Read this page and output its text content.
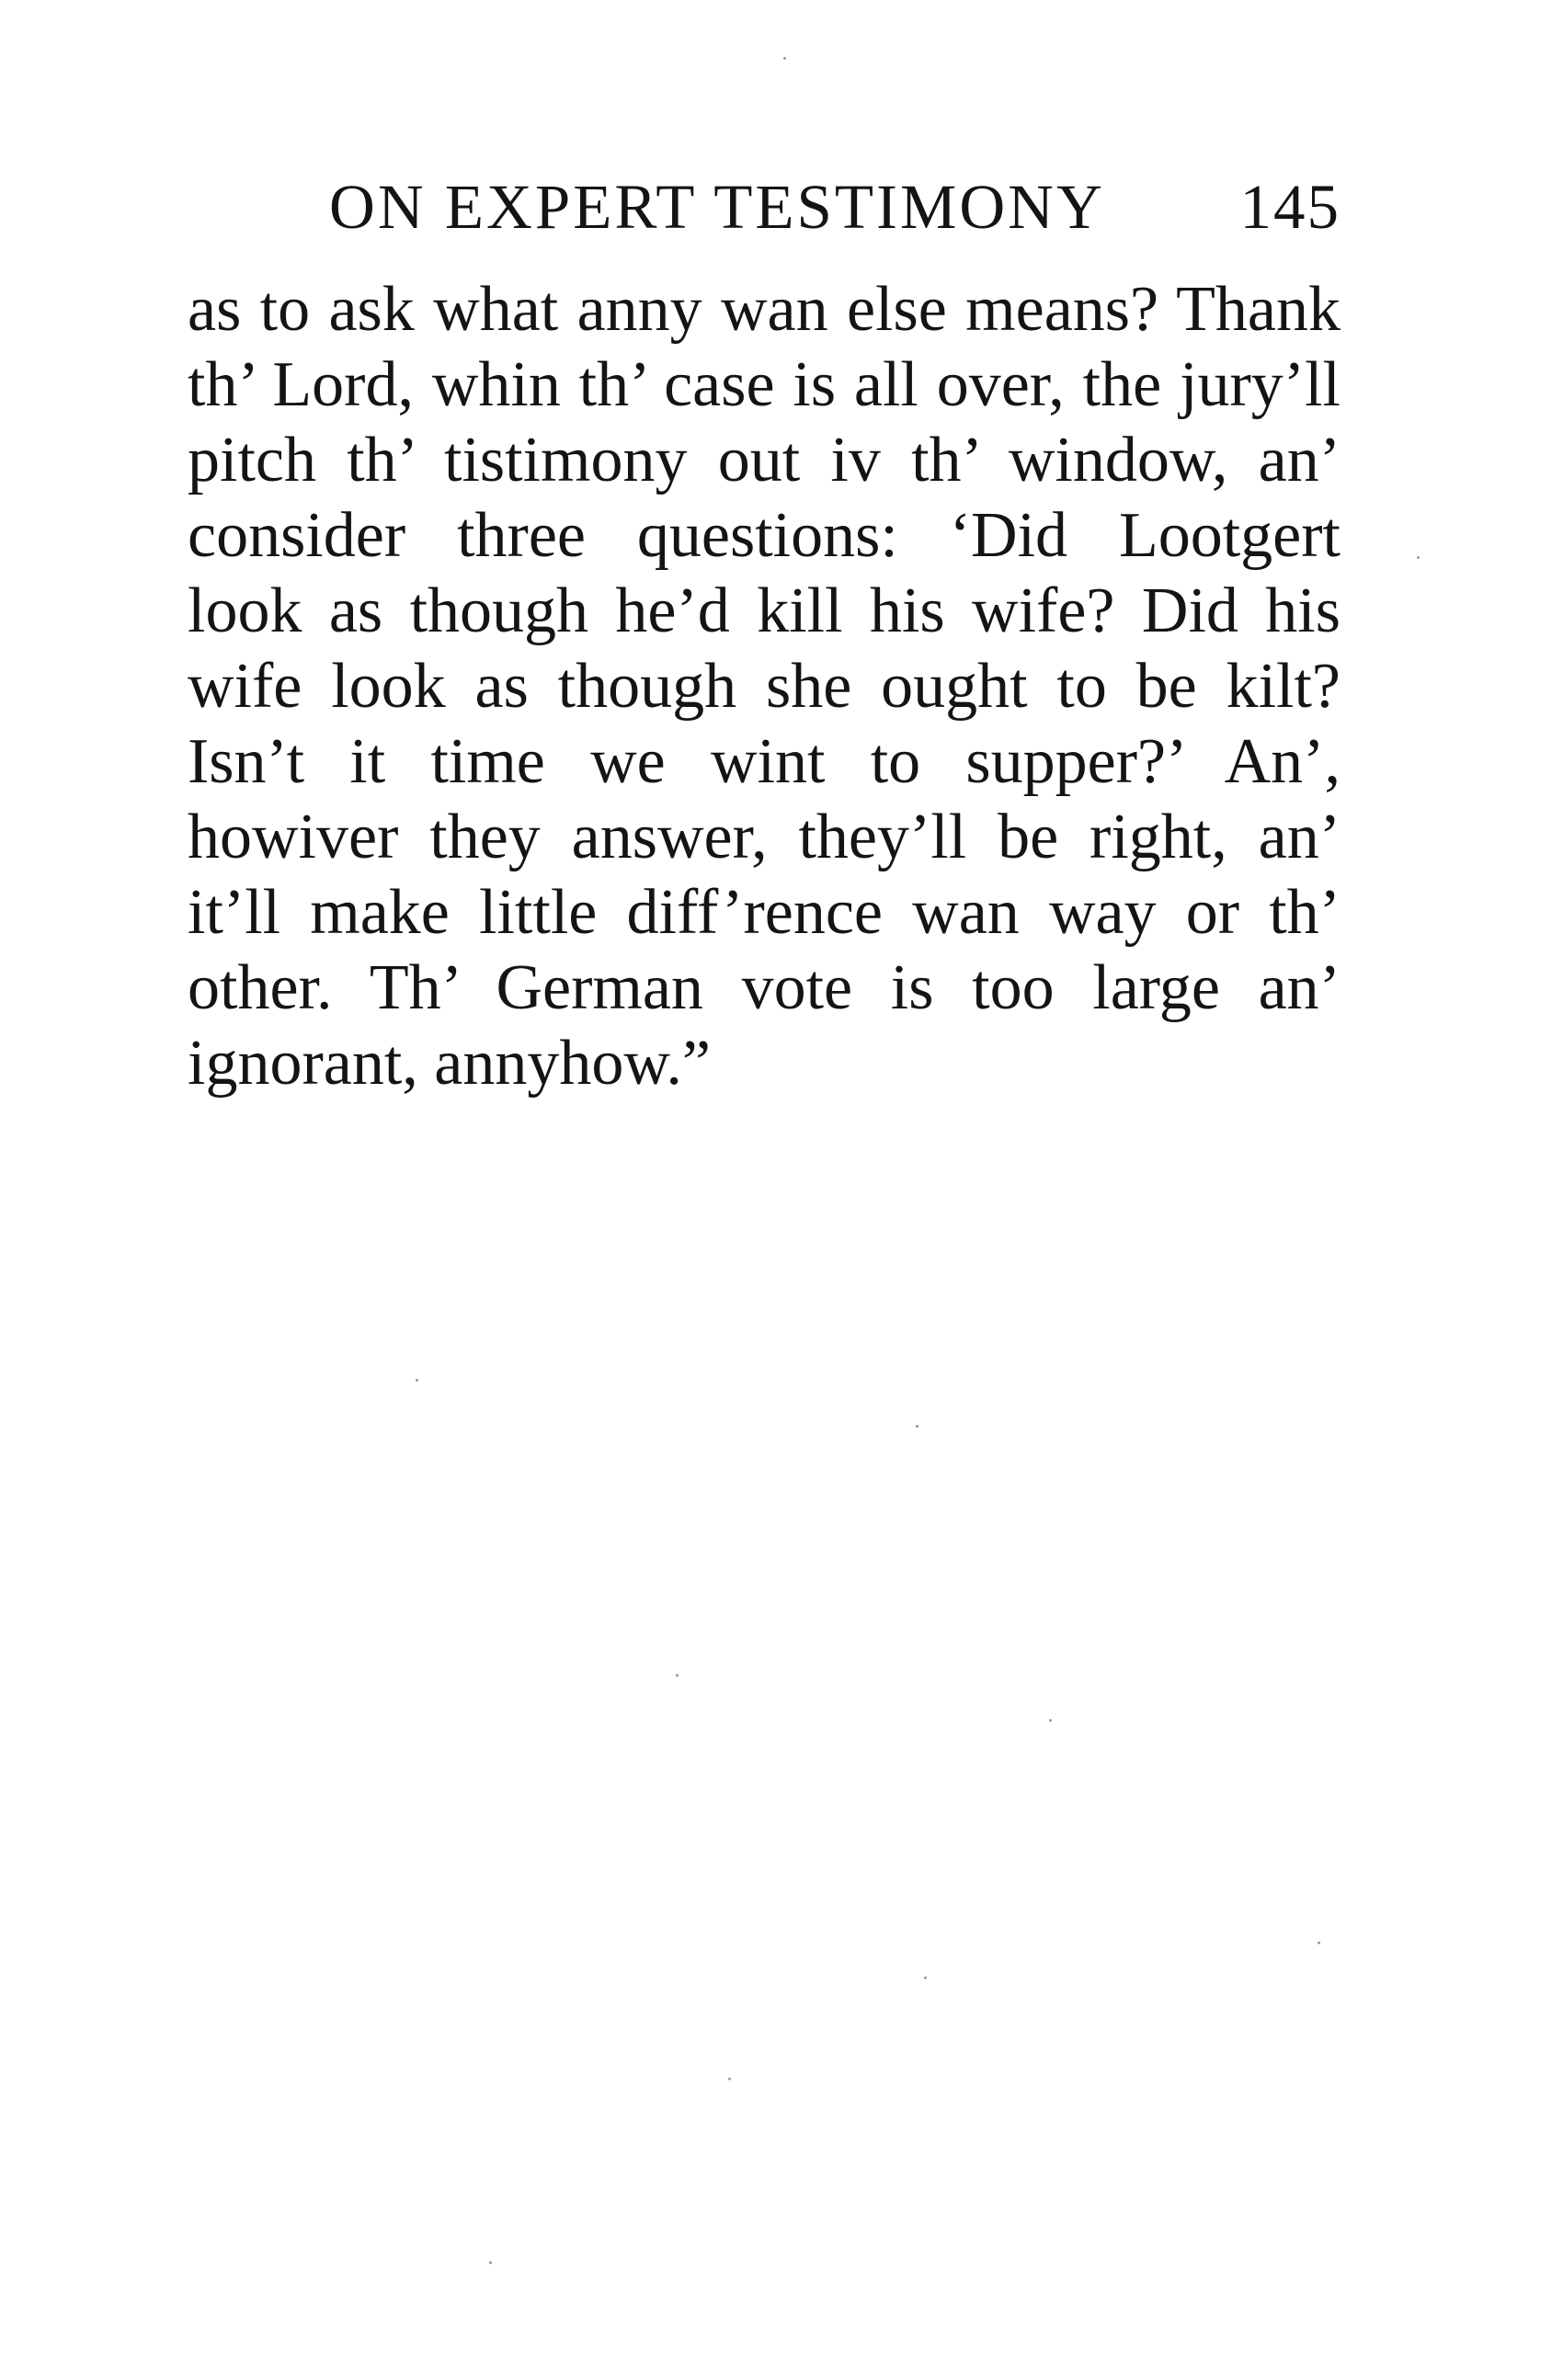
ON EXPERT TESTIMONY 145
as to ask what anny wan else means? Thank
th’ Lord, whin th’ case is all over, the jury’ll
pitch th’ tistimony out iv th’ window, an’
consider three questions: ‘Did Lootgert
look as though he’d kill his wife? Did his
wife look as though she ought to be kilt?
Isn’t it time we wint to supper?’ An’,
howiver they answer, they’ll be right, an’
it’ll make little diff’rence wan way or th’
other. Th’ German vote is too large an’
ignorant, annyhow.”
